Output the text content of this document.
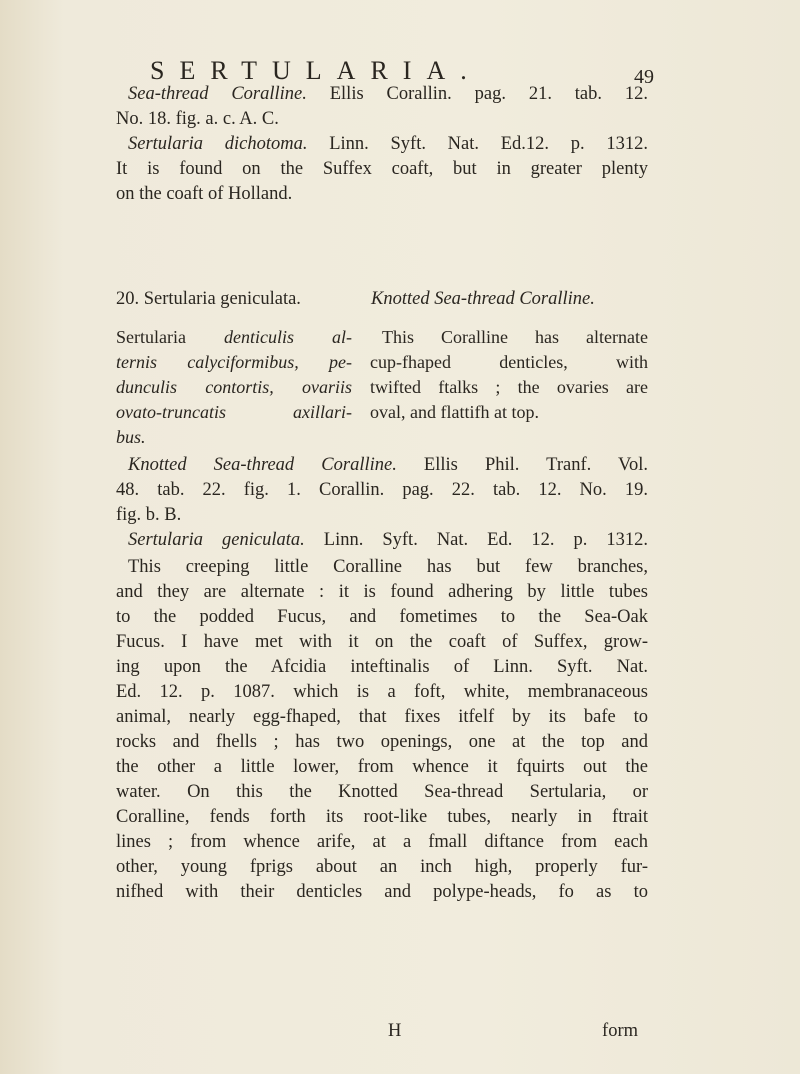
SERTULARIA.	49
Sea-thread Coralline. Ellis Corallin. pag. 21. tab. 12.
No. 18. fig. a. c. A. C.
Sertularia dichotoma. Linn. Syft. Nat. Ed.12. p. 1312.
It is found on the Suffex coaft, but in greater plenty
on the coaft of Holland.
20. Sertularia geniculata.	Knotted Sea-thread Coralline.
Sertularia denticulis al-
ternis calyciformibus, pe-
dunculis contortis, ovariis
ovato-truncatis axillari-
bus.
This Coralline has alternate
cup-fhaped denticles, with
twifted ftalks ; the ovaries are
oval, and flattifh at top.
Knotted Sea-thread Coralline. Ellis Phil. Tranf. Vol.
48. tab. 22. fig. 1. Corallin. pag. 22. tab. 12. No. 19.
fig. b. B.
Sertularia geniculata. Linn. Syft. Nat. Ed. 12. p. 1312.
This creeping little Coralline has but few branches,
and they are alternate : it is found adhering by little tubes
to the podded Fucus, and fometimes to the Sea-Oak
Fucus. I have met with it on the coaft of Suffex, grow-
ing upon the Afcidia inteftinalis of Linn. Syft. Nat.
Ed. 12. p. 1087. which is a foft, white, membranaceous
animal, nearly egg-fhaped, that fixes itfelf by its bafe to
rocks and fhells ; has two openings, one at the top and
the other a little lower, from whence it fquirts out the
water. On this the Knotted Sea-thread Sertularia, or
Coralline, fends forth its root-like tubes, nearly in ftrait
lines ; from whence arife, at a fmall diftance from each
other, young fprigs about an inch high, properly fur-
nifhed with their denticles and polype-heads, fo as to
H	form
